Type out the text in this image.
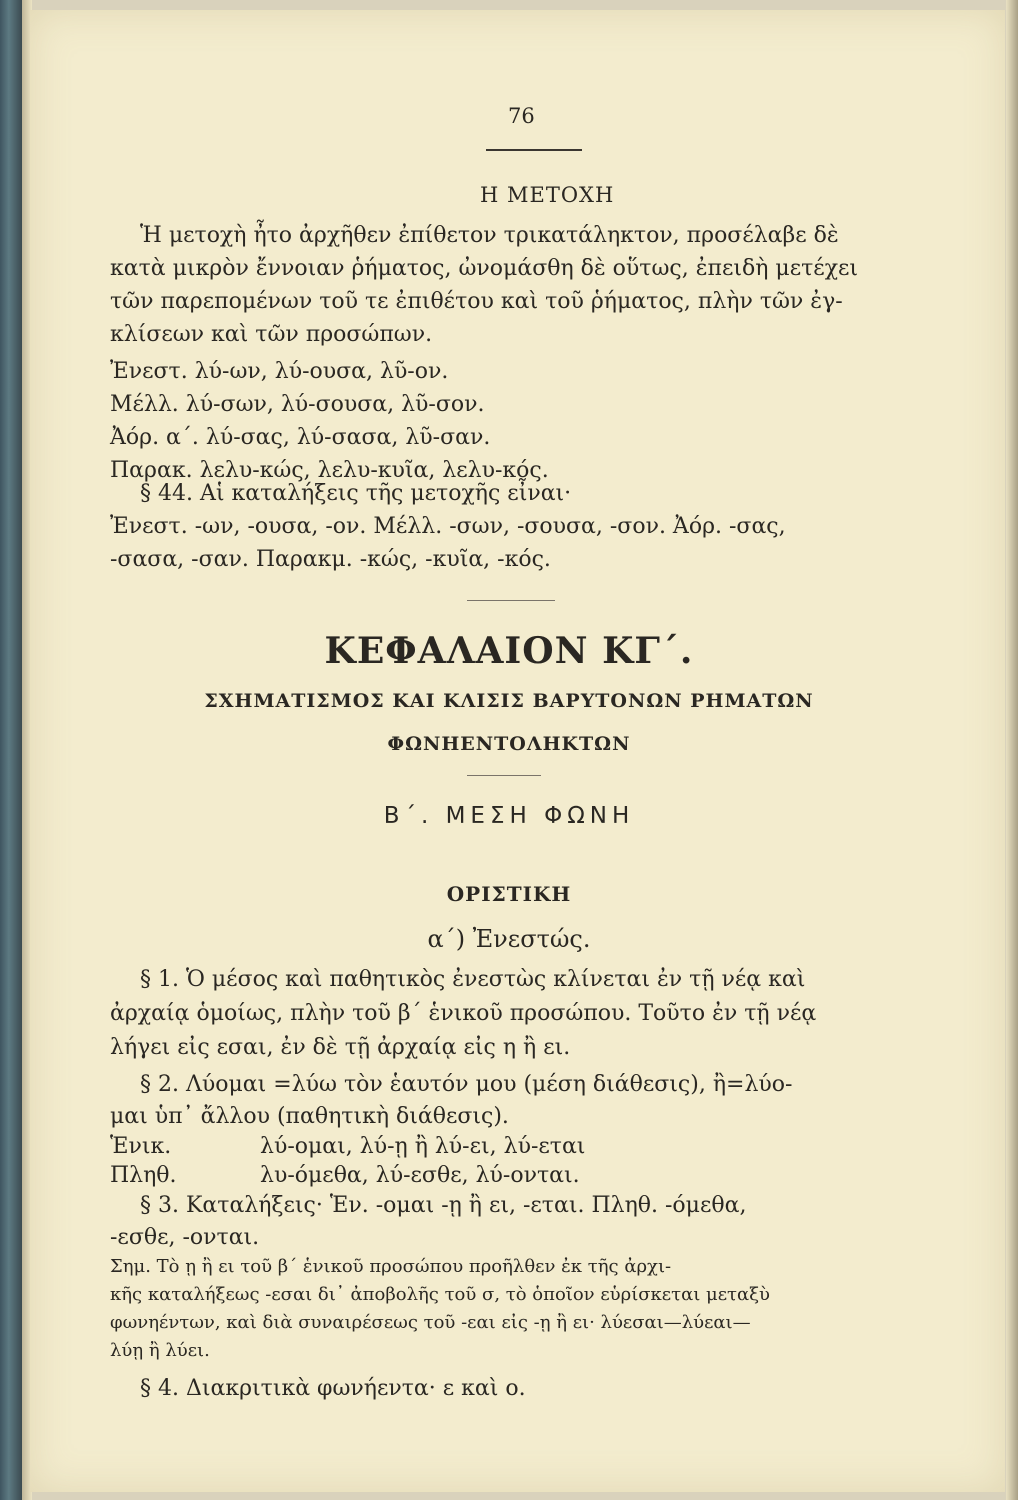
76
Η ΜΕΤΟΧΗ
Ἡ μετοχὴ ἦτο ἀρχῆθεν ἐπίθετον τρικατάληκτον, προσέλαβε δὲ
κατὰ μικρὸν ἔννοιαν ῥήματος, ὠνομάσθη δὲ οὕτως, ἐπειδὴ μετέχει
τῶν παρεπομένων τοῦ τε ἐπιθέτου καὶ τοῦ ῥήματος, πλὴν τῶν ἐγ-
κλίσεων καὶ τῶν προσώπων.
Ἐνεστ. λύ-ων, λύ-ουσα, λῦ-ον.
Μέλλ. λύ-σων, λύ-σουσα, λῦ-σον.
Ἀόρ. α΄. λύ-σας, λύ-σασα, λῦ-σαν.
Παρακ. λελυ-κώς, λελυ-κυῖα, λελυ-κός.
§ 44. Αἱ καταλήξεις τῆς μετοχῆς εἶναι·
Ἐνεστ. -ων, -ουσα, -ον. Μέλλ. -σων, -σουσα, -σον. Ἀόρ. -σας,
-σασα, -σαν. Παρακμ. -κώς, -κυῖα, -κός.
ΚΕΦΑΛΑΙΟΝ ΚΓ΄.
ΣΧΗΜΑΤΙΣΜΟΣ ΚΑΙ ΚΛΙΣΙΣ ΒΑΡΥΤΟΝΩΝ ΡΗΜΑΤΩΝ
ΦΩΝΗΕΝΤΟΛΗΚΤΩΝ
Β΄. ΜΕΣΗ ΦΩΝΗ
ΟΡΙΣΤΙΚΗ
α΄) Ἐνεστώς.
§ 1. Ὁ μέσος καὶ παθητικὸς ἐνεστὼς κλίνεται ἐν τῇ νέᾳ καὶ
ἀρχαίᾳ ὁμοίως, πλὴν τοῦ β΄ ἑνικοῦ προσώπου. Τοῦτο ἐν τῇ νέᾳ
λήγει εἰς εσαι, ἐν δὲ τῇ ἀρχαίᾳ εἰς η ἢ ει.
§ 2. Λύομαι =λύω τὸν ἑαυτόν μου (μέση διάθεσις), ἢ=λύο-
μαι ὑπ᾽ ἄλλου (παθητικὴ διάθεσις).
Ἑνικ.	λύ-ομαι, λύ-ῃ ἢ λύ-ει, λύ-εται
Πληθ.	λυ-όμεθα, λύ-εσθε, λύ-ονται.
§ 3. Καταλήξεις· Ἑν. -ομαι -ῃ ἢ ει, -εται. Πληθ. -όμεθα,
-εσθε, -ονται.
Σημ. Τὸ ῃ ἢ ει τοῦ β΄ ἑνικοῦ προσώπου προῆλθεν ἐκ τῆς ἀρχι-
κῆς καταλήξεως -εσαι δι᾽ ἀποβολῆς τοῦ σ, τὸ ὁποῖον εὑρίσκεται μεταξὺ
φωνηέντων, καὶ διὰ συναιρέσεως τοῦ -εαι εἰς -ῃ ἢ ει· λύεσαι—λύεαι—
λύῃ ἢ λύει.
§ 4. Διακριτικὰ φωνήεντα· ε καὶ ο.
